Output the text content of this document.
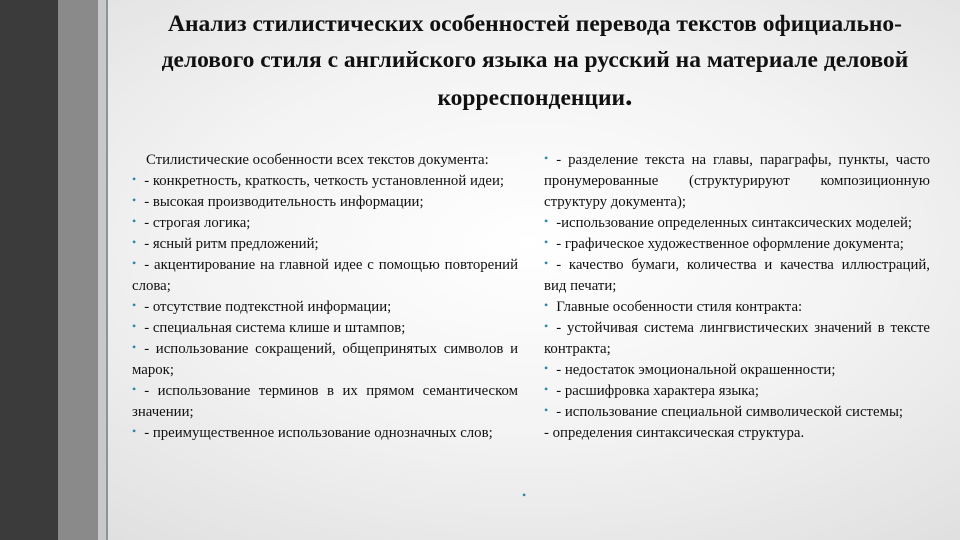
Анализ стилистических особенностей перевода текстов официально-делового стиля с английского языка на русский на материале деловой корреспонденции.

Стилистические особенности всех текстов документа:

• - конкретность, краткость, четкость установленной идеи;

• - высокая производительность информации;

• - строгая логика;

• - ясный ритм предложений;

• - акцентирование на главной идее с помощью повторений слова;

• - отсутствие подтекстной информации;

• - специальная система клише и штампов;

• - использование сокращений, общепринятых символов и марок;

• - использование терминов в их прямом семантическом значении;

• - преимущественное использование однозначных слов;

• - разделение текста на главы, параграфы, пункты, часто пронумерованные (структурируют композиционную структуру документа);

• -использование определенных синтаксических моделей;

• - графическое художественное оформление документа;

• - качество бумаги, количества и качества иллюстраций, вид печати;

• Главные особенности стиля контракта:

• - устойчивая система лингвистических значений в тексте контракта;

• - недостаток эмоциональной окрашенности;

• - расшифровка характера языка;

• - использование специальной символической системы;

- определения синтаксическая структура.

•
